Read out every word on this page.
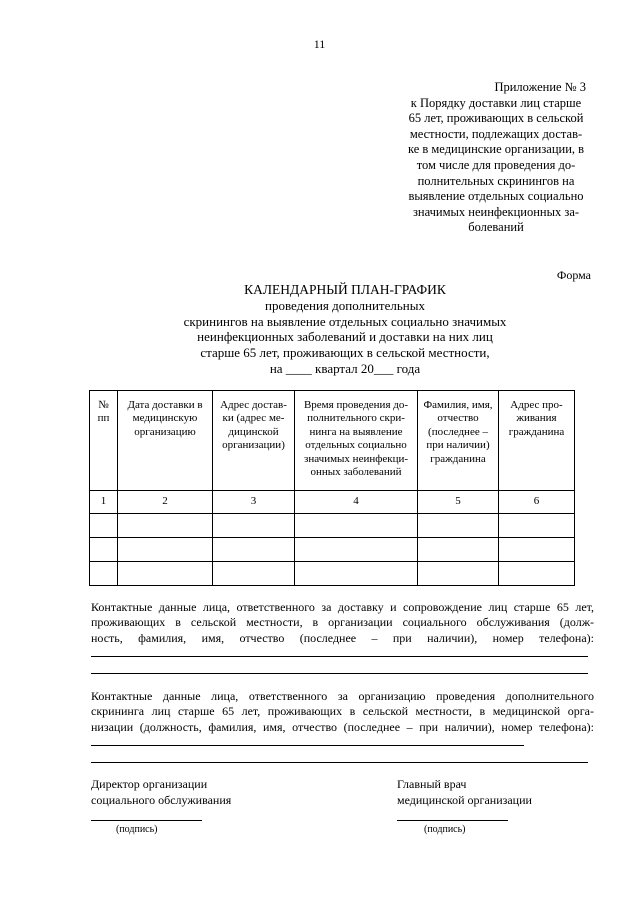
11
Приложение № 3
к Порядку доставки лиц старше
65 лет, проживающих в сельской
местности, подлежащих достав-
ке в медицинские организации, в
том числе для проведения до-
полнительных скринингов на
выявление отдельных социально
значимых неинфекционных за-
болеваний
Форма
КАЛЕНДАРНЫЙ ПЛАН-ГРАФИК
проведения дополнительных
скринингов на выявление отдельных социально значимых
неинфекционных заболеваний и доставки на них лиц
старше 65 лет, проживающих в сельской местности,
на ____ квартал 20___ года
№ пп	Дата доставки в медицинскую организацию	Адрес достав-ки (адрес ме-дицинской организации)	Время проведения до-полнительного скри-нинга на выявление отдельных социально значимых неинфекци-онных заболеваний	Фамилия, имя, отчество (последнее – при наличии) гражданина	Адрес про-живания гражданина
1	2	3	4	5	6

Контактные данные лица, ответственного за доставку и сопровождение лиц старше 65 лет,
проживающих в сельской местности, в организации социального обслуживания (долж-
ность, фамилия, имя, отчество (последнее – при наличии), номер телефона):
Контактные данные лица, ответственного за организацию проведения дополнительного
скрининга лиц старше 65 лет, проживающих в сельской местности, в медицинской орга-
низации (должность, фамилия, имя, отчество (последнее – при наличии), номер телефона):
Директор организации
социального обслуживания
(подпись)
Главный врач
медицинской организации
(подпись)
